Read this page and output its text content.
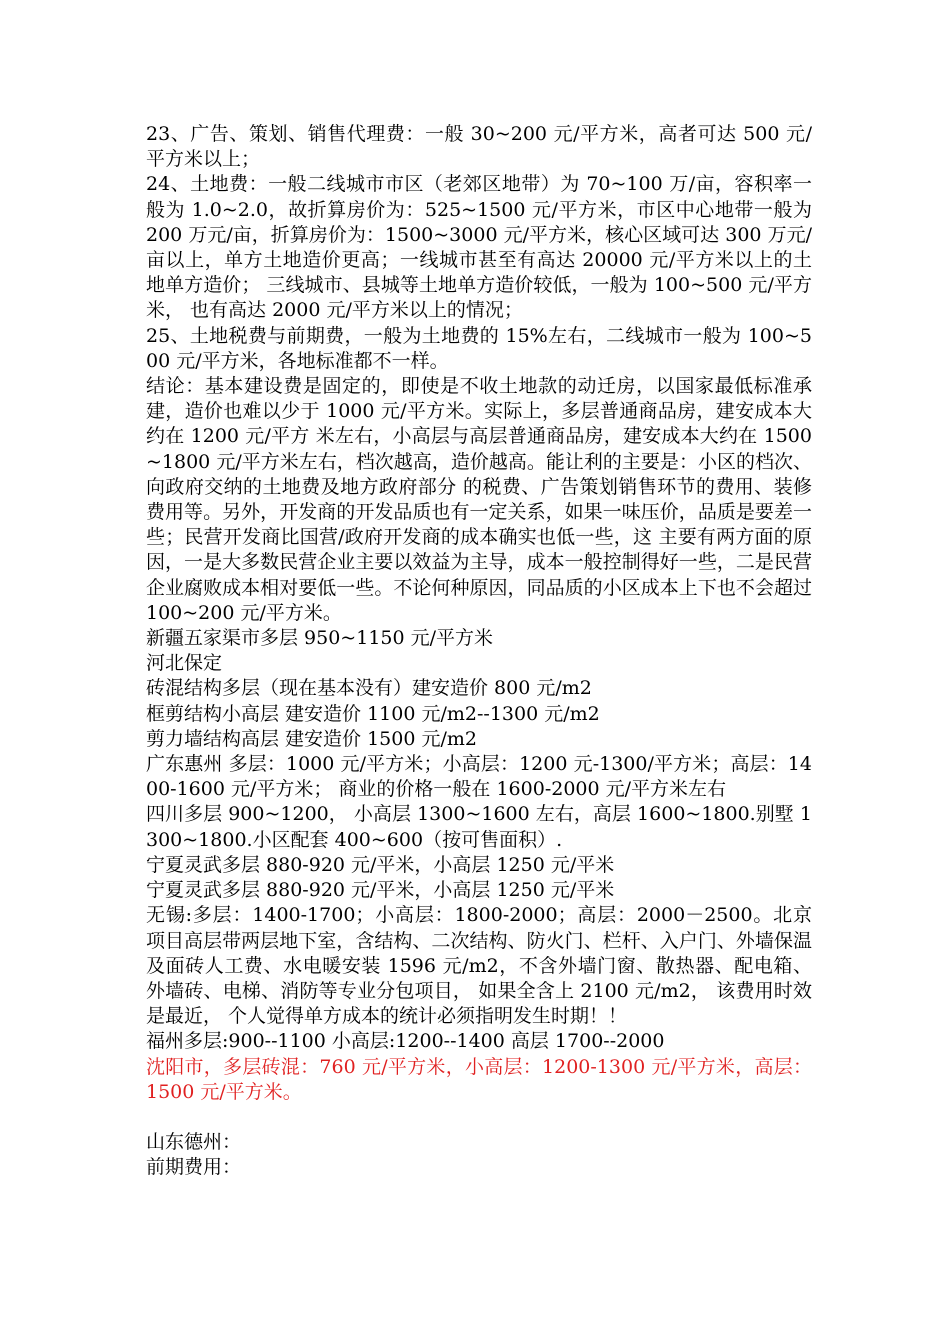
23、广告、策划、销售代理费：一般 30~200 元/平方米，高者可达 500 元/平方米以上；

24、土地费：一般二线城市市区（老郊区地带）为 70~100 万/亩，容积率一般为 1.0~2.0，故折算房价为：525~1500 元/平方米，市区中心地带一般为 200 万元/亩，折算房价为：1500~3000 元/平方米，核心区域可达 300 万元/亩以上，单方土地造价更高；一线城市甚至有高达 20000 元/平方米以上的土地单方造价； 三线城市、县城等土地单方造价较低，一般为 100~500 元/平方米， 也有高达 2000 元/平方米以上的情况；

25、土地税费与前期费，一般为土地费的 15%左右，二线城市一般为 100~500 元/平方米，各地标准都不一样。

结论：基本建设费是固定的，即使是不收土地款的动迁房，以国家最低标准承建，造价也难以少于 1000 元/平方米。实际上，多层普通商品房，建安成本大约在 1200 元/平方 米左右，小高层与高层普通商品房，建安成本大约在 1500~1800 元/平方米左右，档次越高，造价越高。能让利的主要是：小区的档次、向政府交纳的土地费及地方政府部分 的税费、广告策划销售环节的费用、装修费用等。另外，开发商的开发品质也有一定关系，如果一味压价，品质是要差一些；民营开发商比国营/政府开发商的成本确实也低一些，这 主要有两方面的原因，一是大多数民营企业主要以效益为主导，成本一般控制得好一些，二是民营企业腐败成本相对要低一些。不论何种原因，同品质的小区成本上下也不会超过 100~200 元/平方米。

新疆五家渠市多层 950~1150 元/平方米

河北保定

砖混结构多层（现在基本没有）建安造价 800 元/m2

框剪结构小高层 建安造价 1100 元/m2--1300 元/m2

剪力墙结构高层 建安造价 1500 元/m2

广东惠州 多层：1000 元/平方米；小高层：1200 元-1300/平方米；高层：1400-1600 元/平方米； 商业的价格一般在 1600-2000 元/平方米左右

四川多层 900~1200， 小高层 1300~1600 左右，高层 1600~1800.别墅 1300~1800.小区配套 400~600（按可售面积）.

宁夏灵武多层 880-920 元/平米，小高层 1250 元/平米

宁夏灵武多层 880-920 元/平米，小高层 1250 元/平米

无锡:多层：1400-1700；小高层：1800-2000；高层：2000－2500。北京项目高层带两层地下室，含结构、二次结构、防火门、栏杆、入户门、外墙保温及面砖人工费、水电暖安装 1596 元/m2，不含外墙门窗、散热器、配电箱、外墙砖、电梯、消防等专业分包项目， 如果全含上 2100 元/m2， 该费用时效是最近， 个人觉得单方成本的统计必须指明发生时期！！

福州多层:900--1100 小高层:1200--1400 高层 1700--2000

沈阳市，多层砖混：760 元/平方米，小高层：1200-1300 元/平方米，高层：1500 元/平方米。

山东德州：

前期费用：
